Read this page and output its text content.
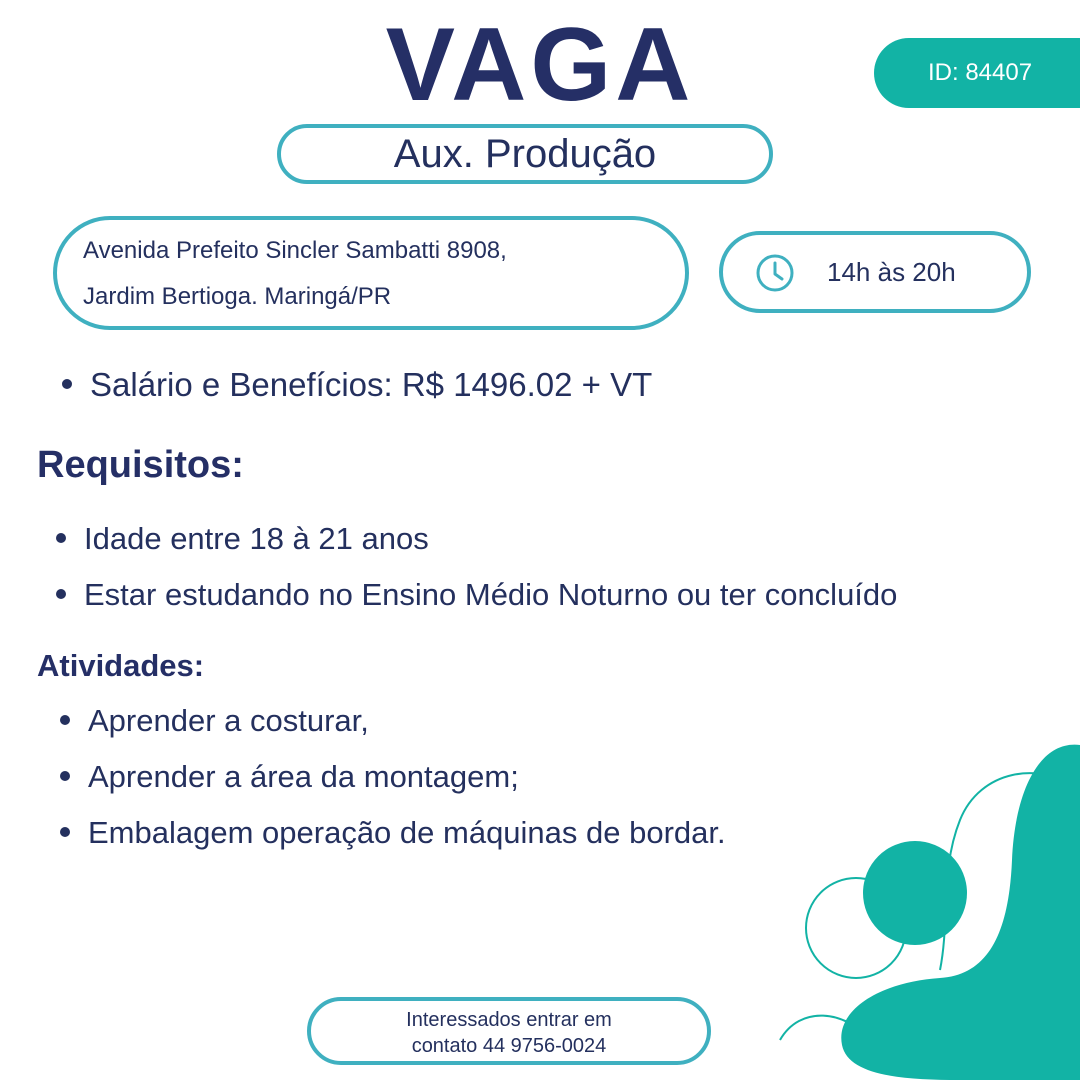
VAGA	ID: 84407
Aux. Produção
Avenida Prefeito Sincler Sambatti 8908,
Jardim Bertioga. Maringá/PR
14h às 20h
Salário e Benefícios: R$ 1496.02 + VT
Requisitos:
Idade entre 18 à 21 anos
Estar estudando no Ensino Médio Noturno ou ter concluído
Atividades:
Aprender a costurar,
Aprender a área da montagem;
Embalagem operação de máquinas de bordar.
Interessados entrar em
contato 44 9756-0024
